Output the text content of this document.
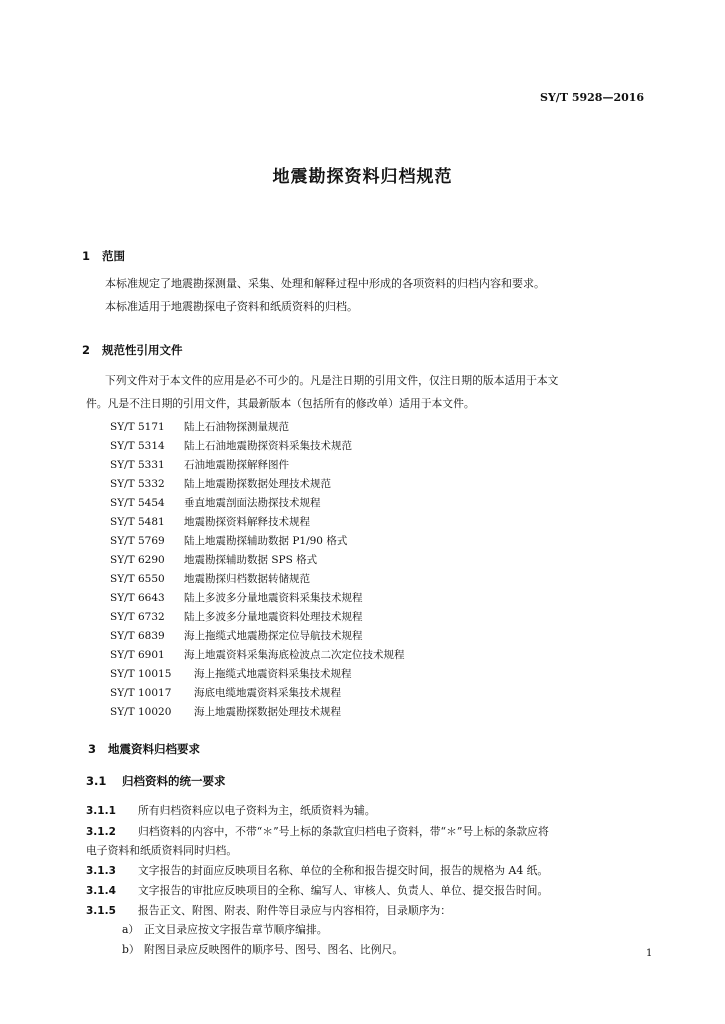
SY/T 5928—2016
地震勘探资料归档规范
1 范围
本标准规定了地震勘探测量、采集、处理和解释过程中形成的各项资料的归档内容和要求。
本标准适用于地震勘探电子资料和纸质资料的归档。
2 规范性引用文件
下列文件对于本文件的应用是必不可少的。凡是注日期的引用文件，仅注日期的版本适用于本文
件。凡是不注日期的引用文件，其最新版本（包括所有的修改单）适用于本文件。
SY/T 5171 陆上石油物探测量规范
SY/T 5314 陆上石油地震勘探资料采集技术规范
SY/T 5331 石油地震勘探解释图件
SY/T 5332 陆上地震勘探数据处理技术规范
SY/T 5454 垂直地震剖面法勘探技术规程
SY/T 5481 地震勘探资料解释技术规程
SY/T 5769 陆上地震勘探辅助数据 P1/90 格式
SY/T 6290 地震勘探辅助数据 SPS 格式
SY/T 6550 地震勘探归档数据转储规范
SY/T 6643 陆上多波多分量地震资料采集技术规程
SY/T 6732 陆上多波多分量地震资料处理技术规程
SY/T 6839 海上拖缆式地震勘探定位导航技术规程
SY/T 6901 海上地震资料采集海底检波点二次定位技术规程
SY/T 10015 海上拖缆式地震资料采集技术规程
SY/T 10017 海底电缆地震资料采集技术规程
SY/T 10020 海上地震勘探数据处理技术规程
3 地震资料归档要求
3.1 归档资料的统一要求
3.1.1 所有归档资料应以电子资料为主，纸质资料为辅。
3.1.2 归档资料的内容中，不带“＊”号上标的条款宜归档电子资料，带“＊”号上标的条款应将
电子资料和纸质资料同时归档。
3.1.3 文字报告的封面应反映项目名称、单位的全称和报告提交时间，报告的规格为 A4 纸。
3.1.4 文字报告的审批应反映项目的全称、编写人、审核人、负责人、单位、提交报告时间。
3.1.5 报告正文、附图、附表、附件等目录应与内容相符，目录顺序为：
a） 正文目录应按文字报告章节顺序编排。
b） 附图目录应反映图件的顺序号、图号、图名、比例尺。	1
